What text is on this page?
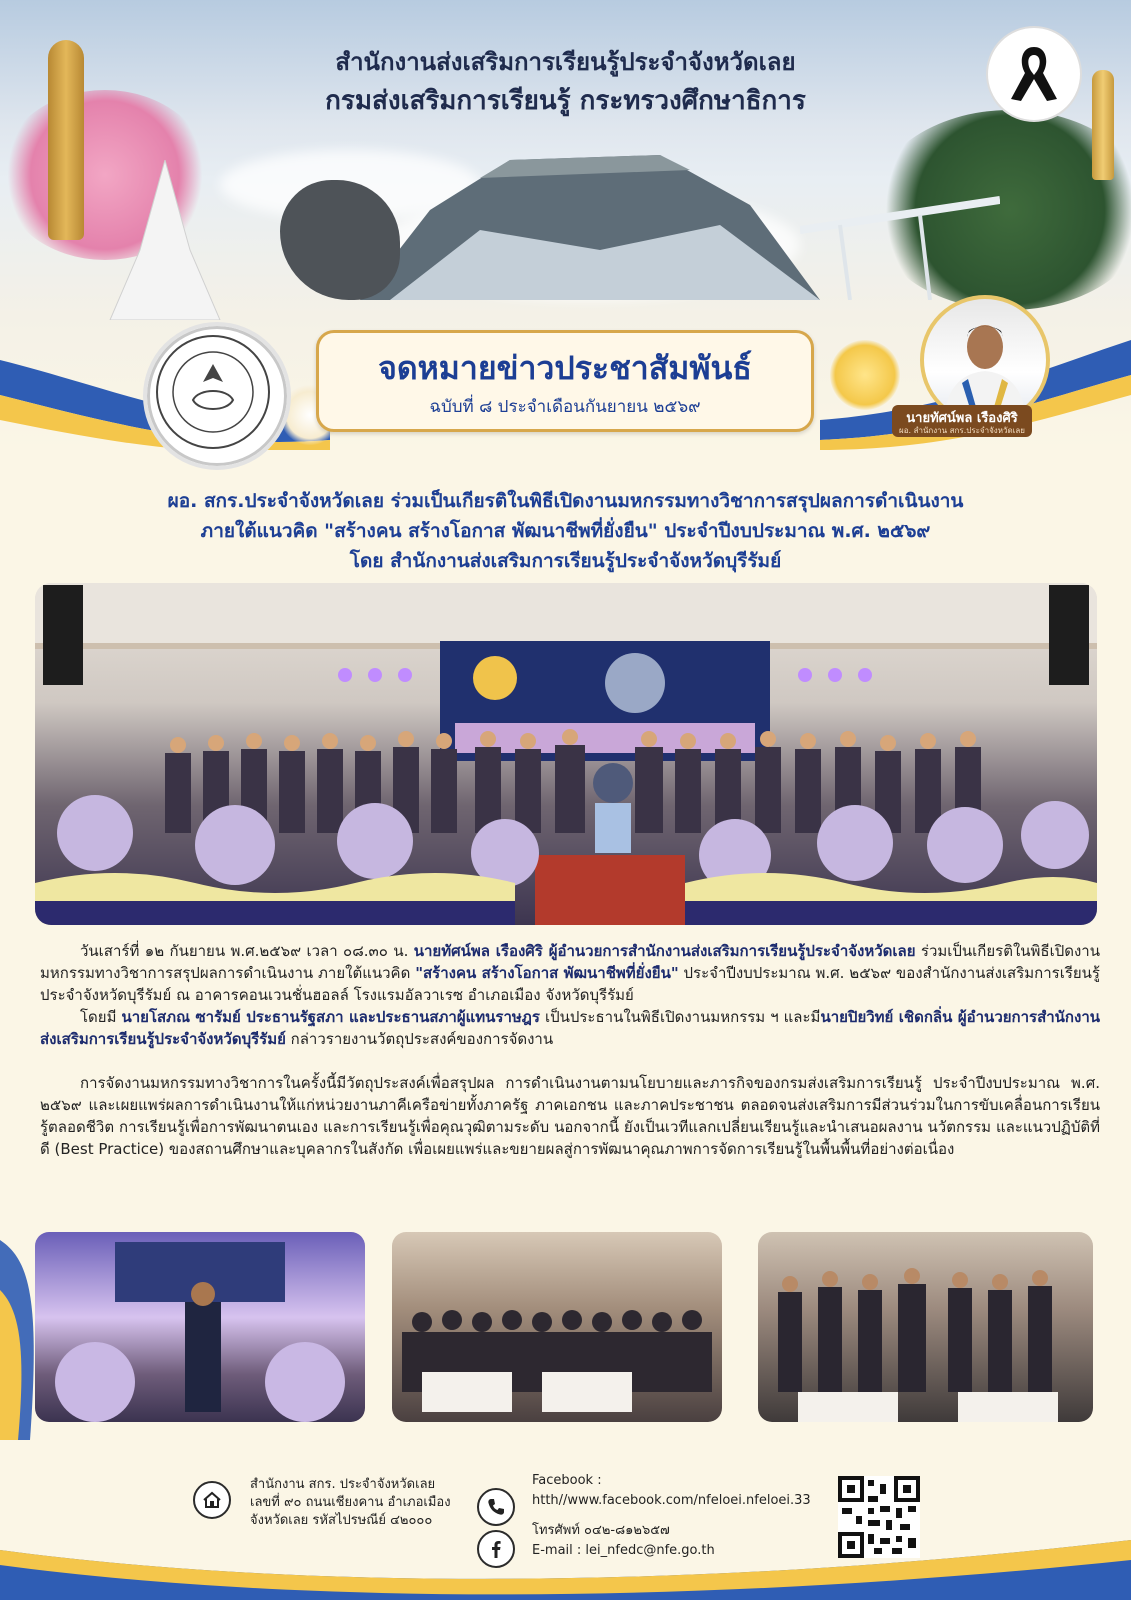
สำนักงานส่งเสริมการเรียนรู้ประจำจังหวัดเลย
กรมส่งเสริมการเรียนรู้ กระทรวงศึกษาธิการ
จดหมายข่าวประชาสัมพันธ์
ฉบับที่ ๘ ประจำเดือนกันยายน ๒๕๖๙
นายทัศน์พล เรืองศิริ
ผอ. สำนักงาน สกร.ประจำจังหวัดเลย
ผอ. สกร.ประจำจังหวัดเลย ร่วมเป็นเกียรติในพิธีเปิดงานมหกรรมทางวิชาการสรุปผลการดำเนินงาน
ภายใต้แนวคิด "สร้างคน สร้างโอกาส พัฒนาชีพที่ยั่งยืน" ประจำปีงบประมาณ พ.ศ. ๒๕๖๙
โดย สำนักงานส่งเสริมการเรียนรู้ประจำจังหวัดบุรีรัมย์
วันเสาร์ที่ ๑๒ กันยายน พ.ศ.๒๕๖๙ เวลา ๐๘.๓๐ น. นายทัศน์พล เรืองศิริ ผู้อำนวยการสำนักงานส่งเสริมการเรียนรู้ประจำจังหวัดเลย ร่วมเป็นเกียรติในพิธีเปิดงานมหกรรมทางวิชาการสรุปผลการดำเนินงาน ภายใต้แนวคิด "สร้างคน สร้างโอกาส พัฒนาชีพที่ยั่งยืน" ประจำปีงบประมาณ พ.ศ. ๒๕๖๙ ของสำนักงานส่งเสริมการเรียนรู้ประจำจังหวัดบุรีรัมย์ ณ อาคารคอนเวนชั่นฮอลล์ โรงแรมอัลวาเรซ อำเภอเมือง จังหวัดบุรีรัมย์
โดยมี นายโสภณ ซารัมย์ ประธานรัฐสภา และประธานสภาผู้แทนราษฎร เป็นประธานในพิธีเปิดงานมหกรรม ฯ และมีนายปิยวิทย์ เชิดกลิ่น ผู้อำนวยการสำนักงานส่งเสริมการเรียนรู้ประจำจังหวัดบุรีรัมย์ กล่าวรายงานวัตถุประสงค์ของการจัดงาน
การจัดงานมหกรรมทางวิชาการในครั้งนี้มีวัตถุประสงค์เพื่อสรุปผล การดำเนินงานตามนโยบายและภารกิจของกรมส่งเสริมการเรียนรู้ ประจำปีงบประมาณ พ.ศ. ๒๕๖๙ และเผยแพร่ผลการดำเนินงานให้แก่หน่วยงานภาคีเครือข่ายทั้งภาครัฐ ภาคเอกชน และภาคประชาชน ตลอดจนส่งเสริมการมีส่วนร่วมในการขับเคลื่อนการเรียนรู้ตลอดชีวิต การเรียนรู้เพื่อการพัฒนาตนเอง และการเรียนรู้เพื่อคุณวุฒิตามระดับ นอกจากนี้ ยังเป็นเวทีแลกเปลี่ยนเรียนรู้และนำเสนอผลงาน นวัตกรรม และแนวปฏิบัติที่ดี (Best Practice) ของสถานศึกษาและบุคลากรในสังกัด เพื่อเผยแพร่และขยายผลสู่การพัฒนาคุณภาพการจัดการเรียนรู้ในพื้นพื้นที่อย่างต่อเนื่อง
สำนักงาน สกร. ประจำจังหวัดเลย
เลขที่ ๙๐ ถนนเชียงคาน อำเภอเมือง
จังหวัดเลย รหัสไปรษณีย์ ๔๒๐๐๐
Facebook :
htth//www.facebook.com/nfeloei.nfeloei.33
โทรศัพท์ ๐๔๒-๘๑๒๖๕๗
E-mail : lei_nfedc@nfe.go.th
